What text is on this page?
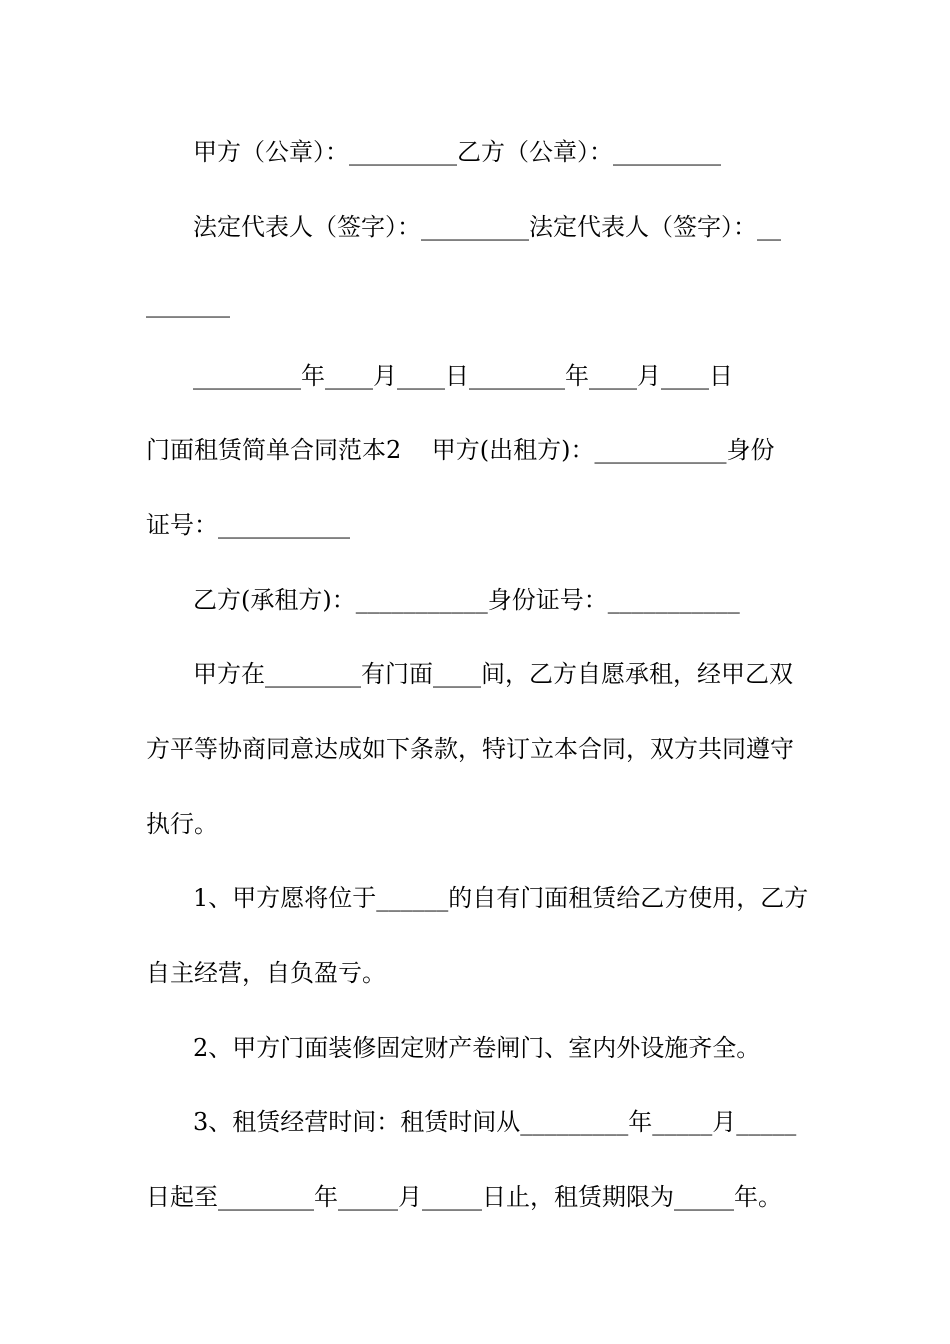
甲方（公章）：_________乙方（公章）：_________
法定代表人（签字）：_________法定代表人（签字）：__
_______
_________年____月____日________年____月____日
门面租赁简单合同范本2    甲方(出租方)：___________身份
证号：___________
乙方(承租方)：___________身份证号：___________
甲方在________有门面____间，乙方自愿承租，经甲乙双
方平等协商同意达成如下条款，特订立本合同，双方共同遵守
执行。
1、甲方愿将位于______的自有门面租赁给乙方使用，乙方
自主经营，自负盈亏。
2、甲方门面装修固定财产卷闸门、室内外设施齐全。
3、租赁经营时间：租赁时间从_________年_____月_____
日起至________年_____月_____日止，租赁期限为_____年。
